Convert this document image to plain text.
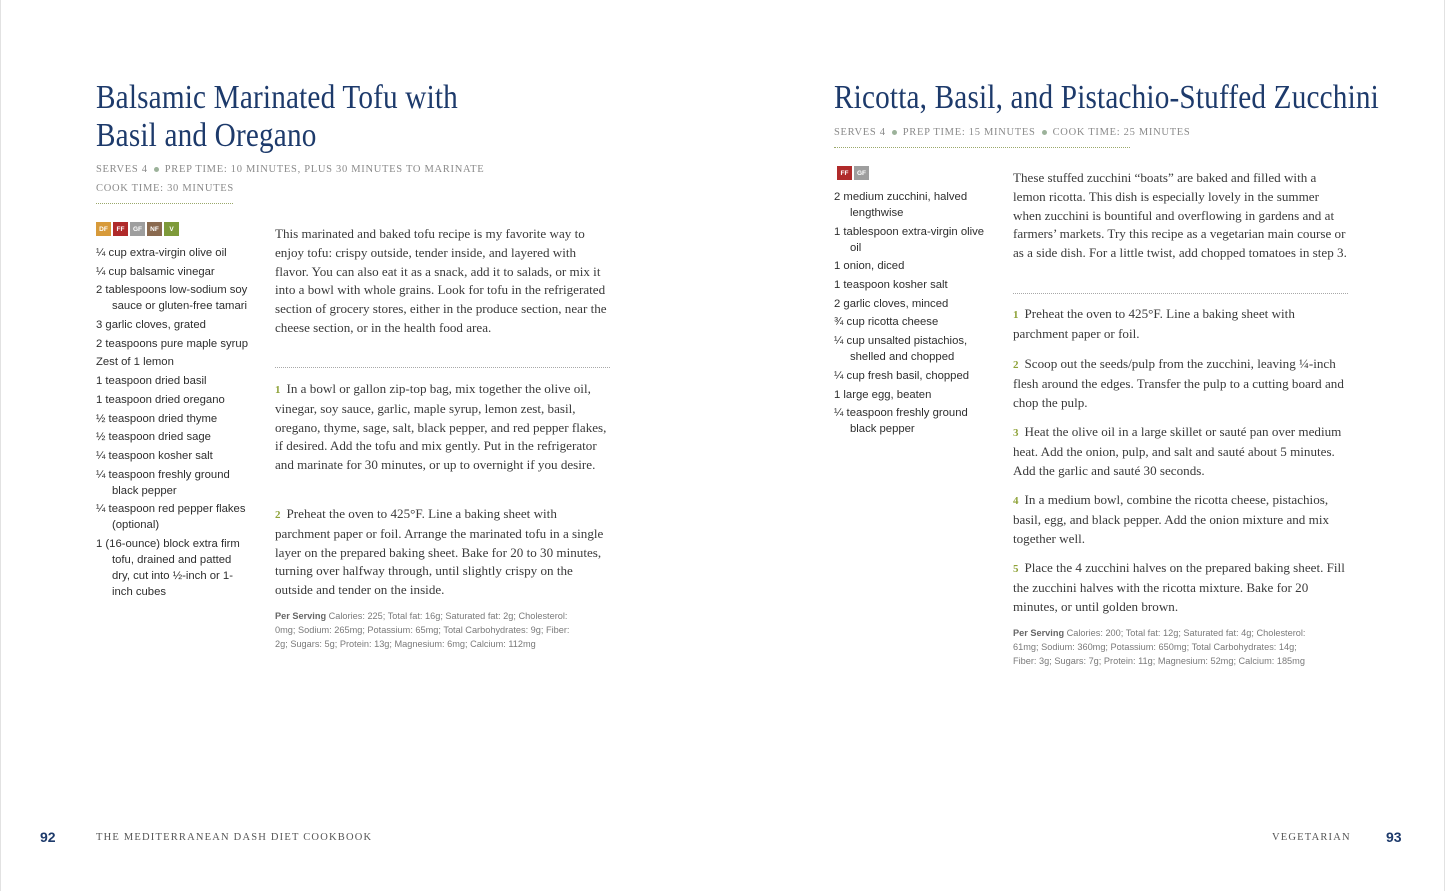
Balsamic Marinated Tofu with
Basil and Oregano
SERVES 4 PREP TIME: 10 MINUTES, PLUS 30 MINUTES TO MARINATE
COOK TIME: 30 MINUTES
DF	FF	GF	NF	V
¼ cup extra-virgin olive oil
¼ cup balsamic vinegar
2 tablespoons low-sodium soy sauce or gluten-free tamari
3 garlic cloves, grated
2 teaspoons pure maple syrup
Zest of 1 lemon
1 teaspoon dried basil
1 teaspoon dried oregano
½ teaspoon dried thyme
½ teaspoon dried sage
¼ teaspoon kosher salt
¼ teaspoon freshly ground black pepper
¼ teaspoon red pepper flakes (optional)
1 (16-ounce) block extra firm tofu, drained and patted dry, cut into ½-inch or 1-inch cubes

This marinated and baked tofu recipe is my favorite way to enjoy tofu: crispy outside, tender inside, and layered with flavor. You can also eat it as a snack, add it to salads, or mix it into a bowl with whole grains. Look for tofu in the refrigerated section of grocery stores, either in the produce section, near the cheese section, or in the health food area.

1 In a bowl or gallon zip-top bag, mix together the olive oil, vinegar, soy sauce, garlic, maple syrup, lemon zest, basil, oregano, thyme, sage, salt, black pepper, and red pepper flakes, if desired. Add the tofu and mix gently. Put in the refrigerator and marinate for 30 minutes, or up to overnight if you desire.

2 Preheat the oven to 425°F. Line a baking sheet with parchment paper or foil. Arrange the marinated tofu in a single layer on the prepared baking sheet. Bake for 20 to 30 minutes, turning over halfway through, until slightly crispy on the outside and tender on the inside.

Per Serving Calories: 225; Total fat: 16g; Saturated fat: 2g; Cholesterol: 0mg; Sodium: 265mg; Potassium: 65mg; Total Carbohydrates: 9g; Fiber: 2g; Sugars: 5g; Protein: 13g; Magnesium: 6mg; Calcium: 112mg

92	THE MEDITERRANEAN DASH DIET COOKBOOK
Ricotta, Basil, and Pistachio-Stuffed Zucchini
SERVES 4 PREP TIME: 15 MINUTES COOK TIME: 25 MINUTES
FF	GF
2 medium zucchini, halved lengthwise
1 tablespoon extra-virgin olive oil
1 onion, diced
1 teaspoon kosher salt
2 garlic cloves, minced
¾ cup ricotta cheese
¼ cup unsalted pistachios, shelled and chopped
¼ cup fresh basil, chopped
1 large egg, beaten
¼ teaspoon freshly ground black pepper

These stuffed zucchini “boats” are baked and filled with a lemon ricotta. This dish is especially lovely in the summer when zucchini is bountiful and overflowing in gardens and at farmers’ markets. Try this recipe as a vegetarian main course or as a side dish. For a little twist, add chopped tomatoes in step 3.

1 Preheat the oven to 425°F. Line a baking sheet with parchment paper or foil.

2 Scoop out the seeds/pulp from the zucchini, leaving ¼-inch flesh around the edges. Transfer the pulp to a cutting board and chop the pulp.

3 Heat the olive oil in a large skillet or sauté pan over medium heat. Add the onion, pulp, and salt and sauté about 5 minutes. Add the garlic and sauté 30 seconds.

4 In a medium bowl, combine the ricotta cheese, pistachios, basil, egg, and black pepper. Add the onion mixture and mix together well.

5 Place the 4 zucchini halves on the prepared baking sheet. Fill the zucchini halves with the ricotta mixture. Bake for 20 minutes, or until golden brown.

Per Serving Calories: 200; Total fat: 12g; Saturated fat: 4g; Cholesterol: 61mg; Sodium: 360mg; Potassium: 650mg; Total Carbohydrates: 14g; Fiber: 3g; Sugars: 7g; Protein: 11g; Magnesium: 52mg; Calcium: 185mg

VEGETARIAN	93
